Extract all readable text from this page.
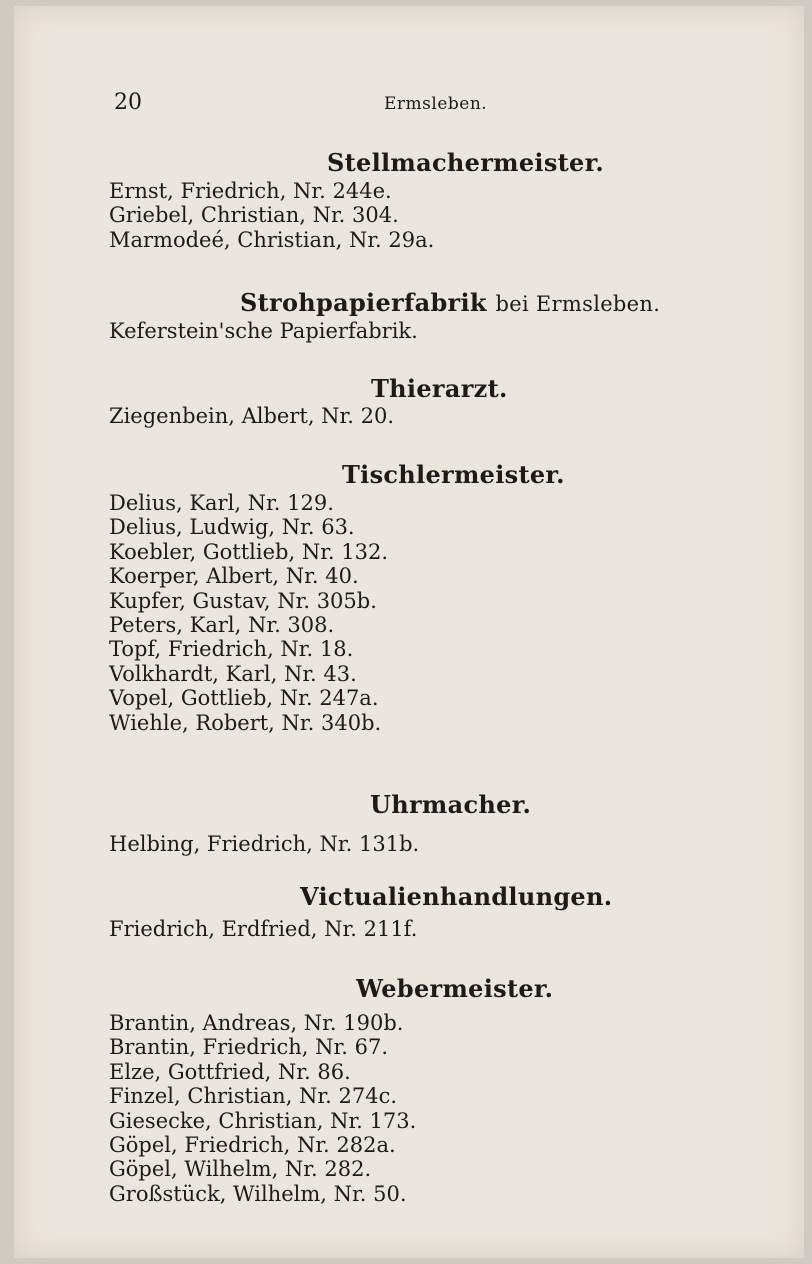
20	Ermsleben.
Stellmachermeister.
Ernst, Friedrich, Nr. 244e.
Griebel, Christian, Nr. 304.
Marmodeé, Christian, Nr. 29a.
Strohpapierfabrik bei Ermsleben.
Keferstein'sche Papierfabrik.
Thierarzt.
Ziegenbein, Albert, Nr. 20.
Tischlermeister.
Delius, Karl, Nr. 129.
Delius, Ludwig, Nr. 63.
Koebler, Gottlieb, Nr. 132.
Koerper, Albert, Nr. 40.
Kupfer, Gustav, Nr. 305b.
Peters, Karl, Nr. 308.
Topf, Friedrich, Nr. 18.
Volkhardt, Karl, Nr. 43.
Vopel, Gottlieb, Nr. 247a.
Wiehle, Robert, Nr. 340b.
Uhrmacher.
Helbing, Friedrich, Nr. 131b.
Victualienhandlungen.
Friedrich, Erdfried, Nr. 211f.
Webermeister.
Brantin, Andreas, Nr. 190b.
Brantin, Friedrich, Nr. 67.
Elze, Gottfried, Nr. 86.
Finzel, Christian, Nr. 274c.
Giesecke, Christian, Nr. 173.
Göpel, Friedrich, Nr. 282a.
Göpel, Wilhelm, Nr. 282.
Großstück, Wilhelm, Nr. 50.
